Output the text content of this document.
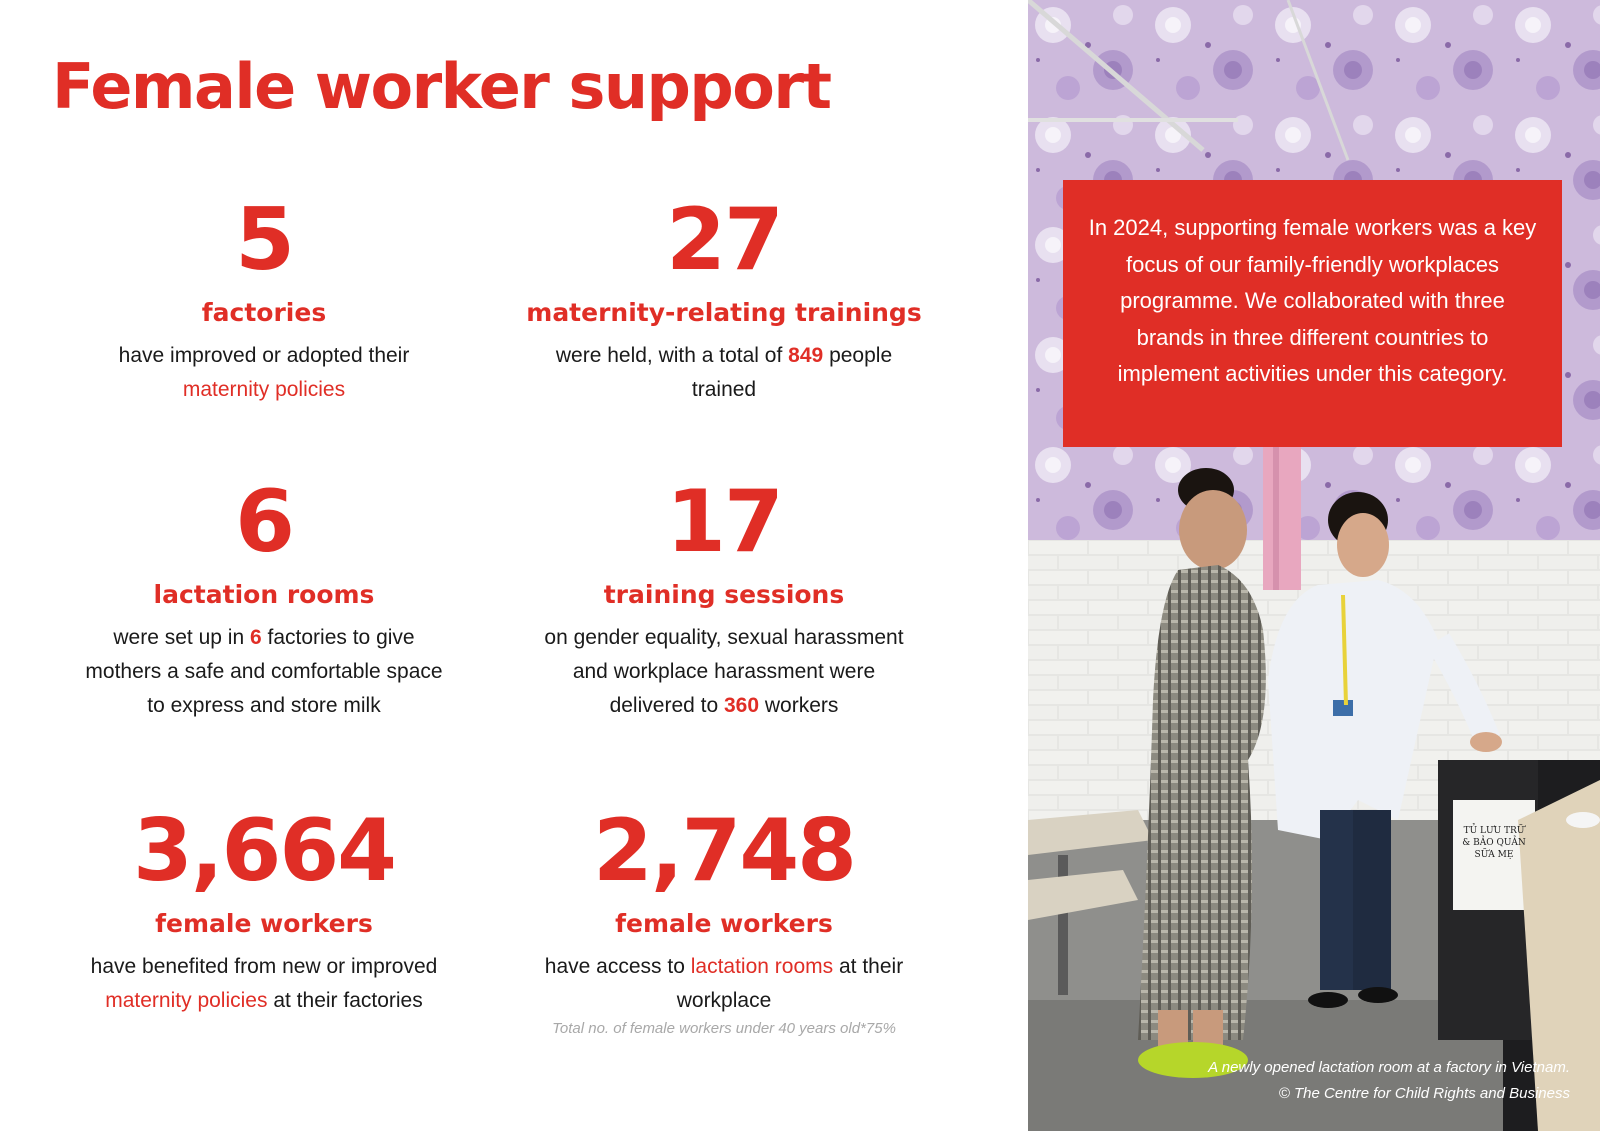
Female worker support
5
factories
have improved or adopted their
maternity policies
27
maternity-relating trainings
were held, with a total of 849 people
trained
6
lactation rooms
were set up in 6 factories to give
mothers a safe and comfortable space
to express and store milk
17
training sessions
on gender equality, sexual harassment
and workplace harassment were
delivered to 360 workers
3,664
female workers
have benefited from new or improved
maternity policies at their factories
2,748
female workers
have access to lactation rooms at their
workplace
Total no. of female workers under 40 years old*75%
TỦ LƯU TRỮ
& BẢO QUẢN
SỮA MẸ
In 2024, supporting female workers was a key focus of our family-friendly workplaces programme. We collaborated with three brands in three different countries to implement activities under this category.
A newly opened lactation room at a factory in Vietnam.
© The Centre for Child Rights and Business
